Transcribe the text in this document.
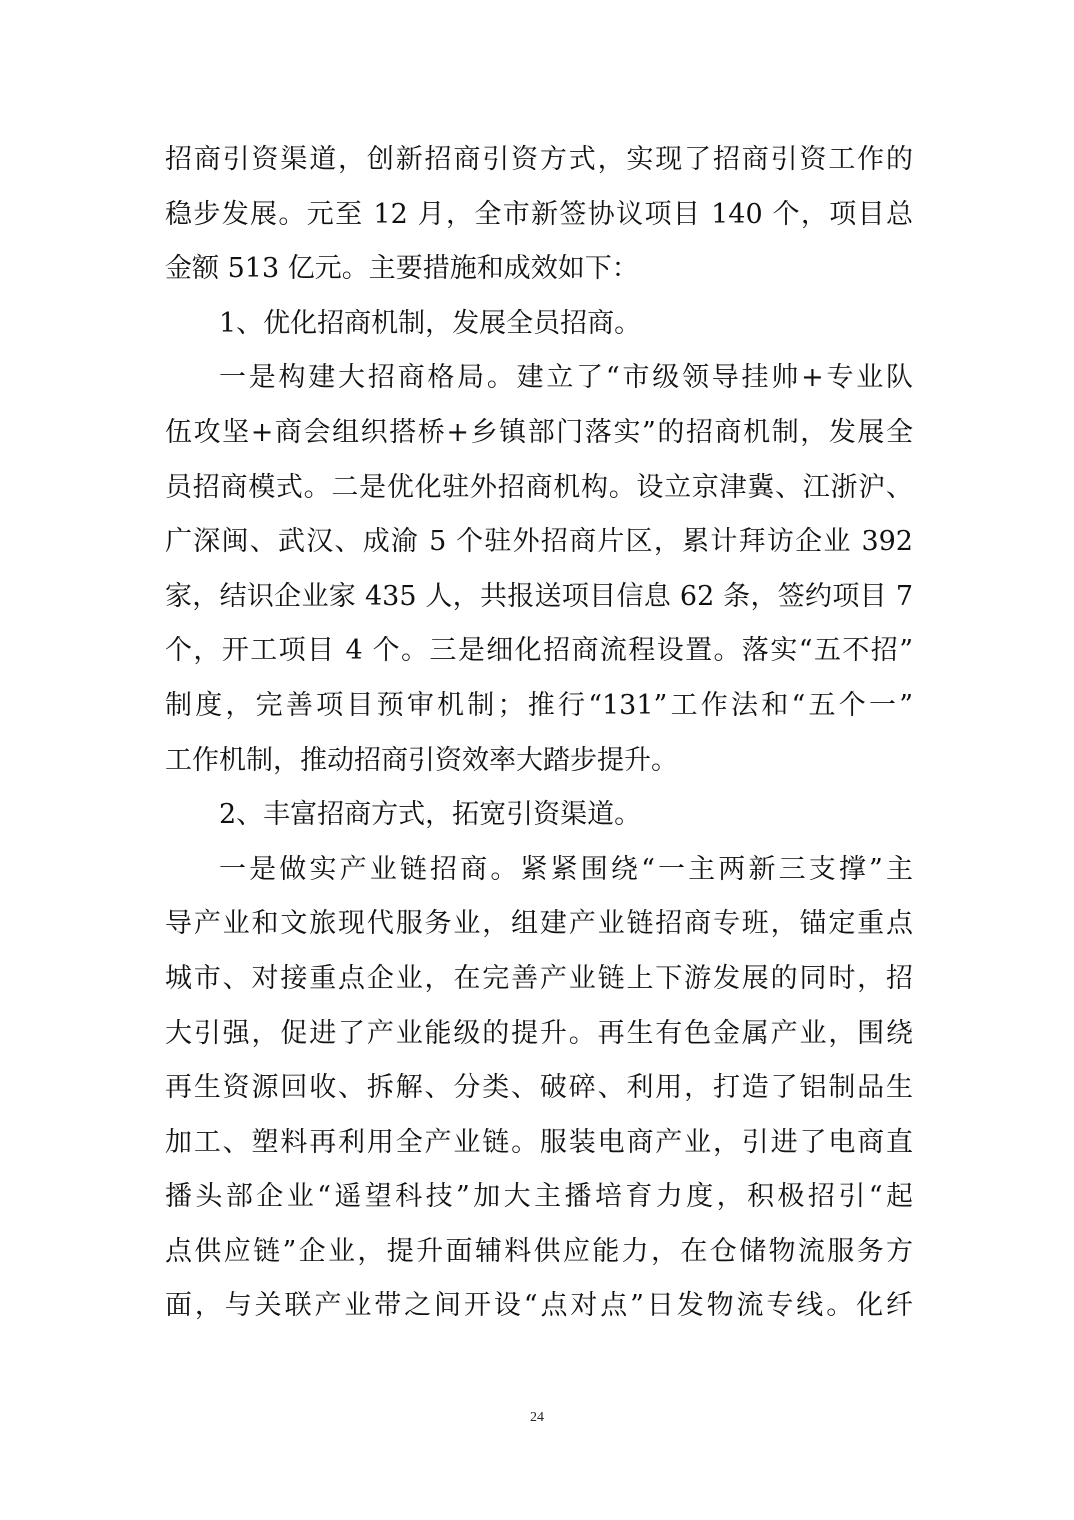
招商引资渠道，创新招商引资方式，实现了招商引资工作的
稳步发展。元至 12 月，全市新签协议项目 140 个，项目总
金额 513 亿元。主要措施和成效如下：
1、优化招商机制，发展全员招商。
一是构建大招商格局。建立了“市级领导挂帅+专业队
伍攻坚+商会组织搭桥+乡镇部门落实”的招商机制，发展全
员招商模式。二是优化驻外招商机构。设立京津冀、江浙沪、
广深闽、武汉、成渝 5 个驻外招商片区，累计拜访企业 392
家，结识企业家 435 人，共报送项目信息 62 条，签约项目 7
个，开工项目 4 个。三是细化招商流程设置。落实“五不招”
制度，完善项目预审机制；推行“131”工作法和“五个一”
工作机制，推动招商引资效率大踏步提升。
2、丰富招商方式，拓宽引资渠道。
一是做实产业链招商。紧紧围绕“一主两新三支撑”主
导产业和文旅现代服务业，组建产业链招商专班，锚定重点
城市、对接重点企业，在完善产业链上下游发展的同时，招
大引强，促进了产业能级的提升。再生有色金属产业，围绕
再生资源回收、拆解、分类、破碎、利用，打造了铝制品生
加工、塑料再利用全产业链。服装电商产业，引进了电商直
播头部企业“遥望科技”加大主播培育力度，积极招引“起
点供应链”企业，提升面辅料供应能力，在仓储物流服务方
面，与关联产业带之间开设“点对点”日发物流专线。化纤
24
